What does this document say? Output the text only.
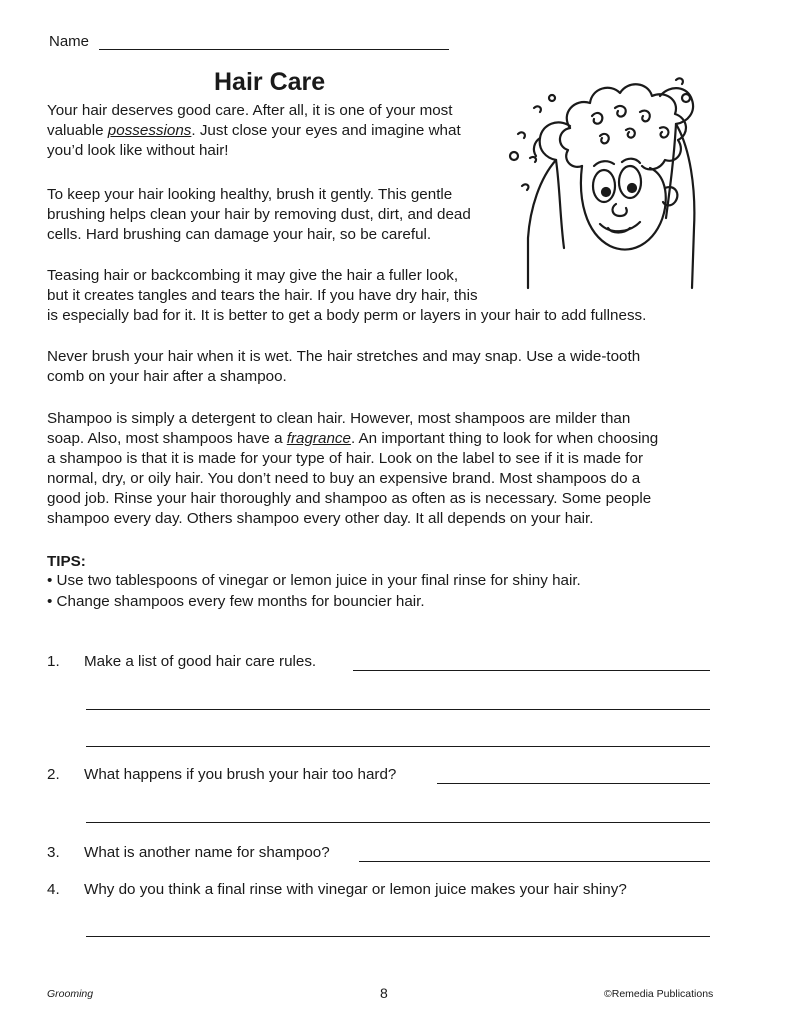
Name
Hair Care
Your hair deserves good care. After all, it is one of your most
valuable possessions. Just close your eyes and imagine what
you’d look like without hair!
To keep your hair looking healthy, brush it gently. This gentle
brushing helps clean your hair by removing dust, dirt, and dead
cells. Hard brushing can damage your hair, so be careful.
Teasing hair or backcombing it may give the hair a fuller look,
but it creates tangles and tears the hair. If you have dry hair, this
is especially bad for it. It is better to get a body perm or layers in your hair to add fullness.
Never brush your hair when it is wet. The hair stretches and may snap. Use a wide-tooth
comb on your hair after a shampoo.
Shampoo is simply a detergent to clean hair. However, most shampoos are milder than
soap. Also, most shampoos have a fragrance. An important thing to look for when choosing
a shampoo is that it is made for your type of hair. Look on the label to see if it is made for
normal, dry, or oily hair. You don’t need to buy an expensive brand. Most shampoos do a
good job. Rinse your hair thoroughly and shampoo as often as is necessary. Some people
shampoo every day. Others shampoo every other day. It all depends on your hair.
TIPS:
• Use two tablespoons of vinegar or lemon juice in your final rinse for shiny hair.
• Change shampoos every few months for bouncier hair.
1. Make a list of good hair care rules.
2. What happens if you brush your hair too hard?
3. What is another name for shampoo?
4. Why do you think a final rinse with vinegar or lemon juice makes your hair shiny?
Grooming	8	©Remedia Publications
